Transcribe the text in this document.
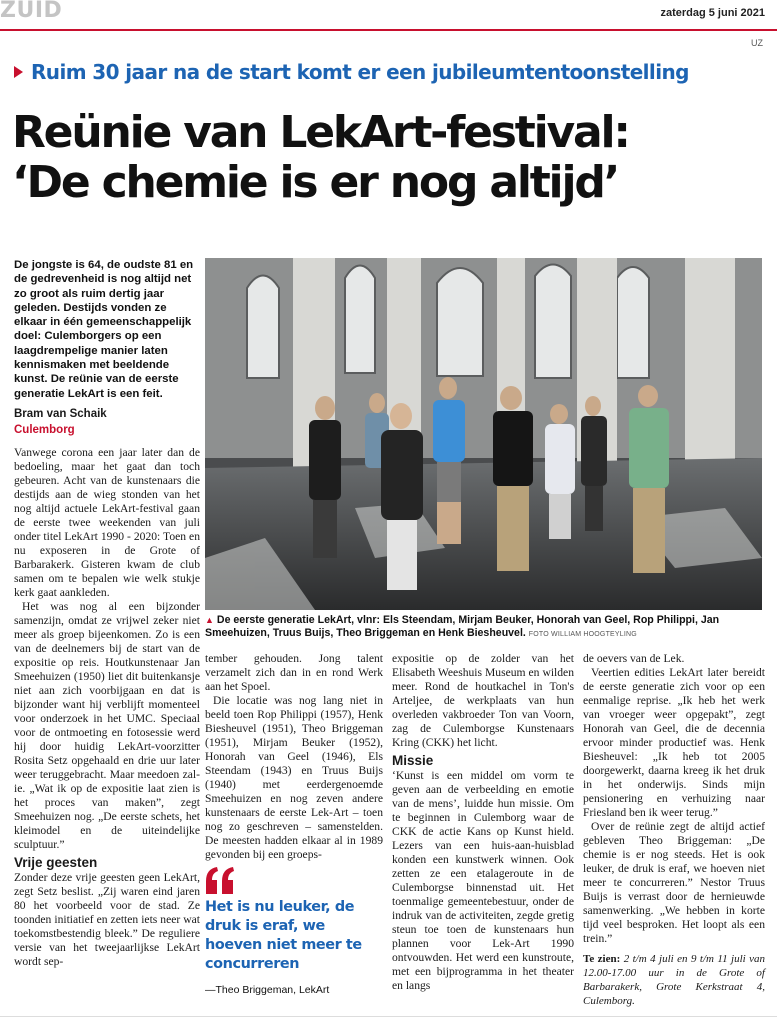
ZUID	zaterdag 5 juni 2021
UZ
Ruim 30 jaar na de start komt er een jubileumtentoonstelling
Reünie van LekArt-festival:
‘De chemie is er nog altijd’
De jongste is 64, de oudste 81 en de gedrevenheid is nog altijd net zo groot als ruim dertig jaar geleden. Destijds vonden ze elkaar in één gemeenschappelijk doel: Culemborgers op een laagdrempelige manier laten kennismaken met beeldende kunst. De reünie van de eerste generatie LekArt is een feit.
Bram van Schaik
Culemborg

Vanwege corona een jaar later dan de bedoeling, maar het gaat dan toch gebeuren. Acht van de kunstenaars die destijds aan de wieg stonden van het nog altijd actuele LekArt-festival gaan de eerste twee weekenden van juli onder titel LekArt 1990 - 2020: Toen en nu exposeren in de Grote of Barbarakerk. Gisteren kwam de club samen om te bepalen wie welk stukje kerk gaat aankleden.

Het was nog al een bijzonder samenzijn, omdat ze vrijwel zeker niet meer als groep bijeenkomen. Zo is een van de deelnemers bij de start van de expositie op reis. Houtkunstenaar Jan Smeehuizen (1950) liet dit buitenkansje niet aan zich voorbijgaan en dat is bijzonder want hij verblijft momenteel voor onderzoek in het UMC. Speciaal voor de ontmoeting en fotosessie werd hij door huidig LekArt-voorzitter Rosita Setz opgehaald en drie uur later weer teruggebracht. Maar meedoen zal-ie. „Wat ik op de expositie laat zien is het proces van maken”, zegt Smeehuizen nog. „De eerste schets, het kleimodel en de uiteindelijke sculptuur.”

Vrije geesten

Zonder deze vrije geesten geen LekArt, zegt Setz beslist. „Zij waren eind jaren 80 het voorbeeld voor de stad. Ze toonden initiatief en zetten iets neer wat toekomstbestendig bleek.” De reguliere versie van het tweejaarlijkse LekArt wordt sep-

▲ De eerste generatie LekArt, vlnr: Els Steendam, Mirjam Beuker, Honorah van Geel, Rop Philippi, Jan Smeehuizen, Truus Buijs, Theo Briggeman en Henk Biesheuvel. FOTO WILLIAM HOOGTEYLING

tember gehouden. Jong talent verzamelt zich dan in en rond Werk aan het Spoel.

Die locatie was nog lang niet in beeld toen Rop Philippi (1957), Henk Biesheuvel (1951), Theo Briggeman (1951), Mirjam Beuker (1952), Honorah van Geel (1946), Els Steendam (1943) en Truus Buijs (1940) met eerdergenoemde Smeehuizen en nog zeven andere kunstenaars de eerste Lek-Art – toen nog zo geschreven – samenstelden. De meesten hadden elkaar al in 1989 gevonden bij een groeps-

Het is nu leuker, de druk is eraf, we hoeven niet meer te concurreren
—Theo Briggeman, LekArt

expositie op de zolder van het Elisabeth Weeshuis Museum en wilden meer. Rond de houtkachel in Ton's Arteljee, de werkplaats van hun overleden vakbroeder Ton van Voorn, zag de Culemborgse Kunstenaars Kring (CKK) het licht.

Missie

‘Kunst is een middel om vorm te geven aan de verbeelding en emotie van de mens’, luidde hun missie. Om te beginnen in Culemborg waar de CKK de actie Kans op Kunst hield. Lezers van een huis-aan-huisblad konden een kunstwerk winnen. Ook zetten ze een etalageroute in de Culemborgse binnenstad uit. Het toenmalige gemeentebestuur, onder de indruk van de activiteiten, zegde gretig steun toe toen de kunstenaars hun plannen voor Lek-Art 1990 ontvouwden. Het werd een kunstroute, met een bijprogramma in het theater en langs

de oevers van de Lek.

Veertien edities LekArt later bereidt de eerste generatie zich voor op een eenmalige reprise. „Ik heb het werk van vroeger weer opgepakt”, zegt Honorah van Geel, die de decennia ervoor minder productief was. Henk Biesheuvel: „Ik heb tot 2005 doorgewerkt, daarna kreeg ik het druk in het onderwijs. Sinds mijn pensionering en verhuizing naar Friesland ben ik weer terug.”

Over de reünie zegt de altijd actief gebleven Theo Briggeman: „De chemie is er nog steeds. Het is ook leuker, de druk is eraf, we hoeven niet meer te concurreren.” Nestor Truus Buijs is verrast door de hernieuwde samenwerking. „We hebben in korte tijd veel besproken. Het loopt als een trein.”

Te zien: 2 t/m 4 juli en 9 t/m 11 juli van 12.00-17.00 uur in de Grote of Barbarakerk, Grote Kerkstraat 4, Culemborg.
